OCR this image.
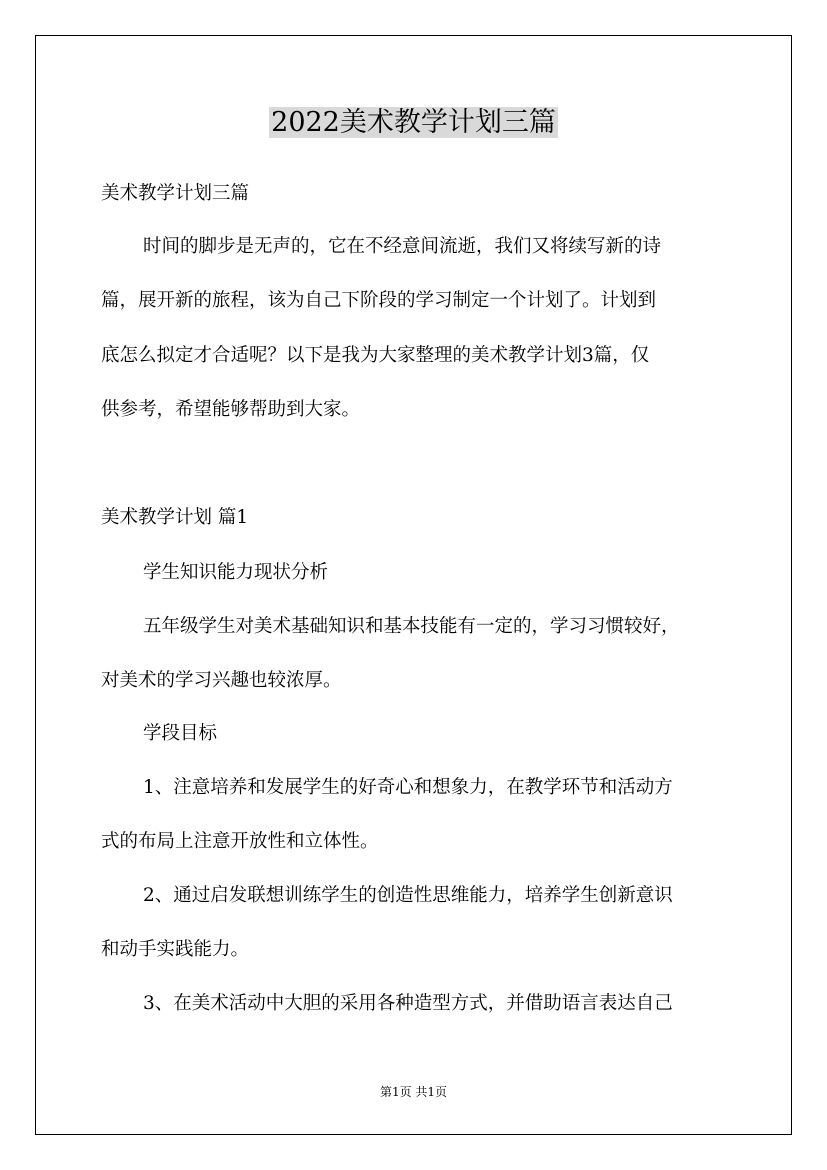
2022美术教学计划三篇
美术教学计划三篇
时间的脚步是无声的，它在不经意间流逝，我们又将续写新的诗
篇，展开新的旅程，该为自己下阶段的学习制定一个计划了。计划到
底怎么拟定才合适呢？以下是我为大家整理的美术教学计划3篇，仅
供参考，希望能够帮助到大家。
美术教学计划 篇1
学生知识能力现状分析
五年级学生对美术基础知识和基本技能有一定的，学习习惯较好，
对美术的学习兴趣也较浓厚。
学段目标
1、注意培养和发展学生的好奇心和想象力，在教学环节和活动方
式的布局上注意开放性和立体性。
2、通过启发联想训练学生的创造性思维能力，培养学生创新意识
和动手实践能力。
3、在美术活动中大胆的采用各种造型方式，并借助语言表达自己
第1页 共1页
